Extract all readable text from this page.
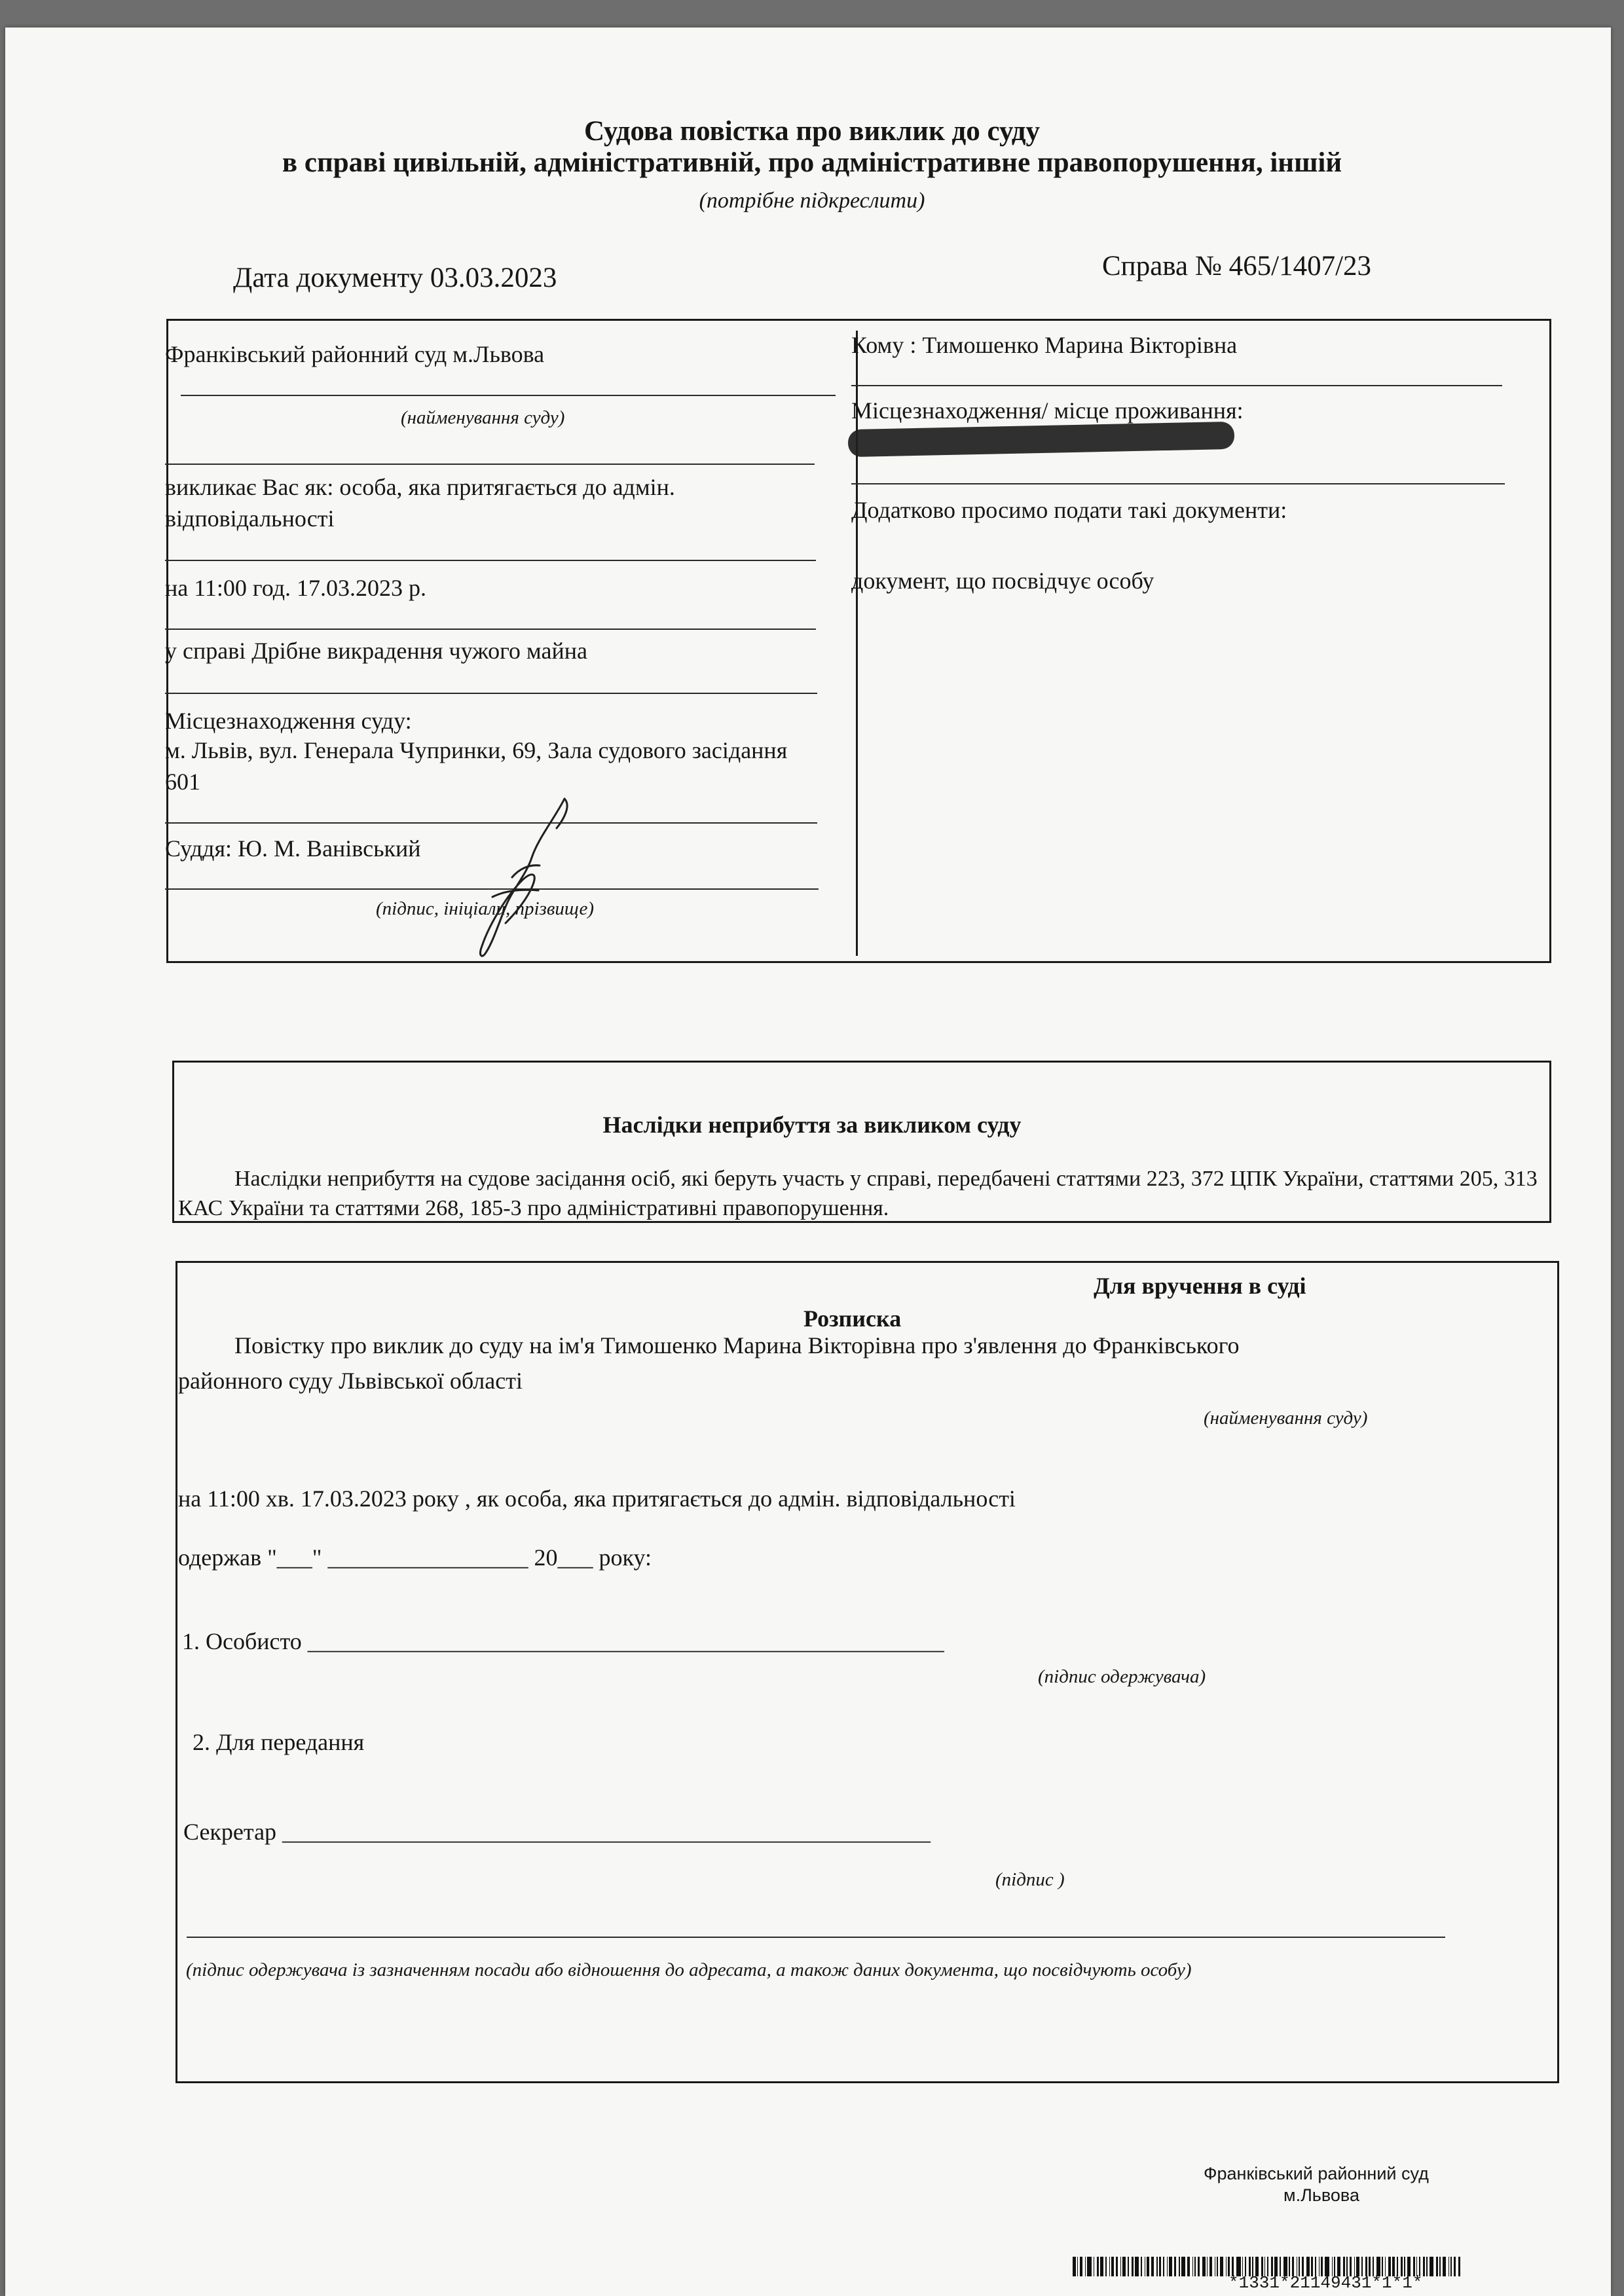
Судова повістка про виклик до суду
в справі цивільній, адміністративній, про адміністративне правопорушення, іншій
(потрібне підкреслити)
Дата документу 03.03.2023	Справа № 465/1407/23
Франківський районний суд м.Львова
(найменування суду)
викликає Вас як: особа, яка притягається до адмін. відповідальності
на 11:00 год. 17.03.2023 р.
у справі Дрібне викрадення чужого майна
Місцезнаходження суду:
м. Львів, вул. Генерала Чупринки, 69, Зала судового засідання 601
Суддя: Ю. М. Ванівський
(підпис, ініціали, прізвище)
Кому : Тимошенко Марина Вікторівна
Місцезнаходження/ місце проживання:
Додатково просимо подати такі документи:
документ, що посвідчує особу
Наслідки неприбуття за викликом суду
Наслідки неприбуття на судове засідання осіб, які беруть участь у справі, передбачені статтями 223, 372 ЦПК України, статтями 205, 313 КАС України та статтями 268, 185-3 про адміністративні правопорушення.
Для вручення в суді
Розписка
Повістку про виклик до суду на ім'я Тимошенко Марина Вікторівна про з'явлення до Франківського
районного суду Львівської області
(найменування суду)
на 11:00 хв. 17.03.2023 року , як особа, яка притягається до адмін. відповідальності
одержав "___" _________________ 20___ року:
1. Особисто ______________________________________________________
(підпис одержувача)
2. Для передання
Секретар _______________________________________________________
(підпис )
(підпис одержувача із зазначенням посади або відношення до адресата, а також даних документа, що посвідчують особу)
Франківський районний суд
м.Львова
*1331*21149431*1*1*
